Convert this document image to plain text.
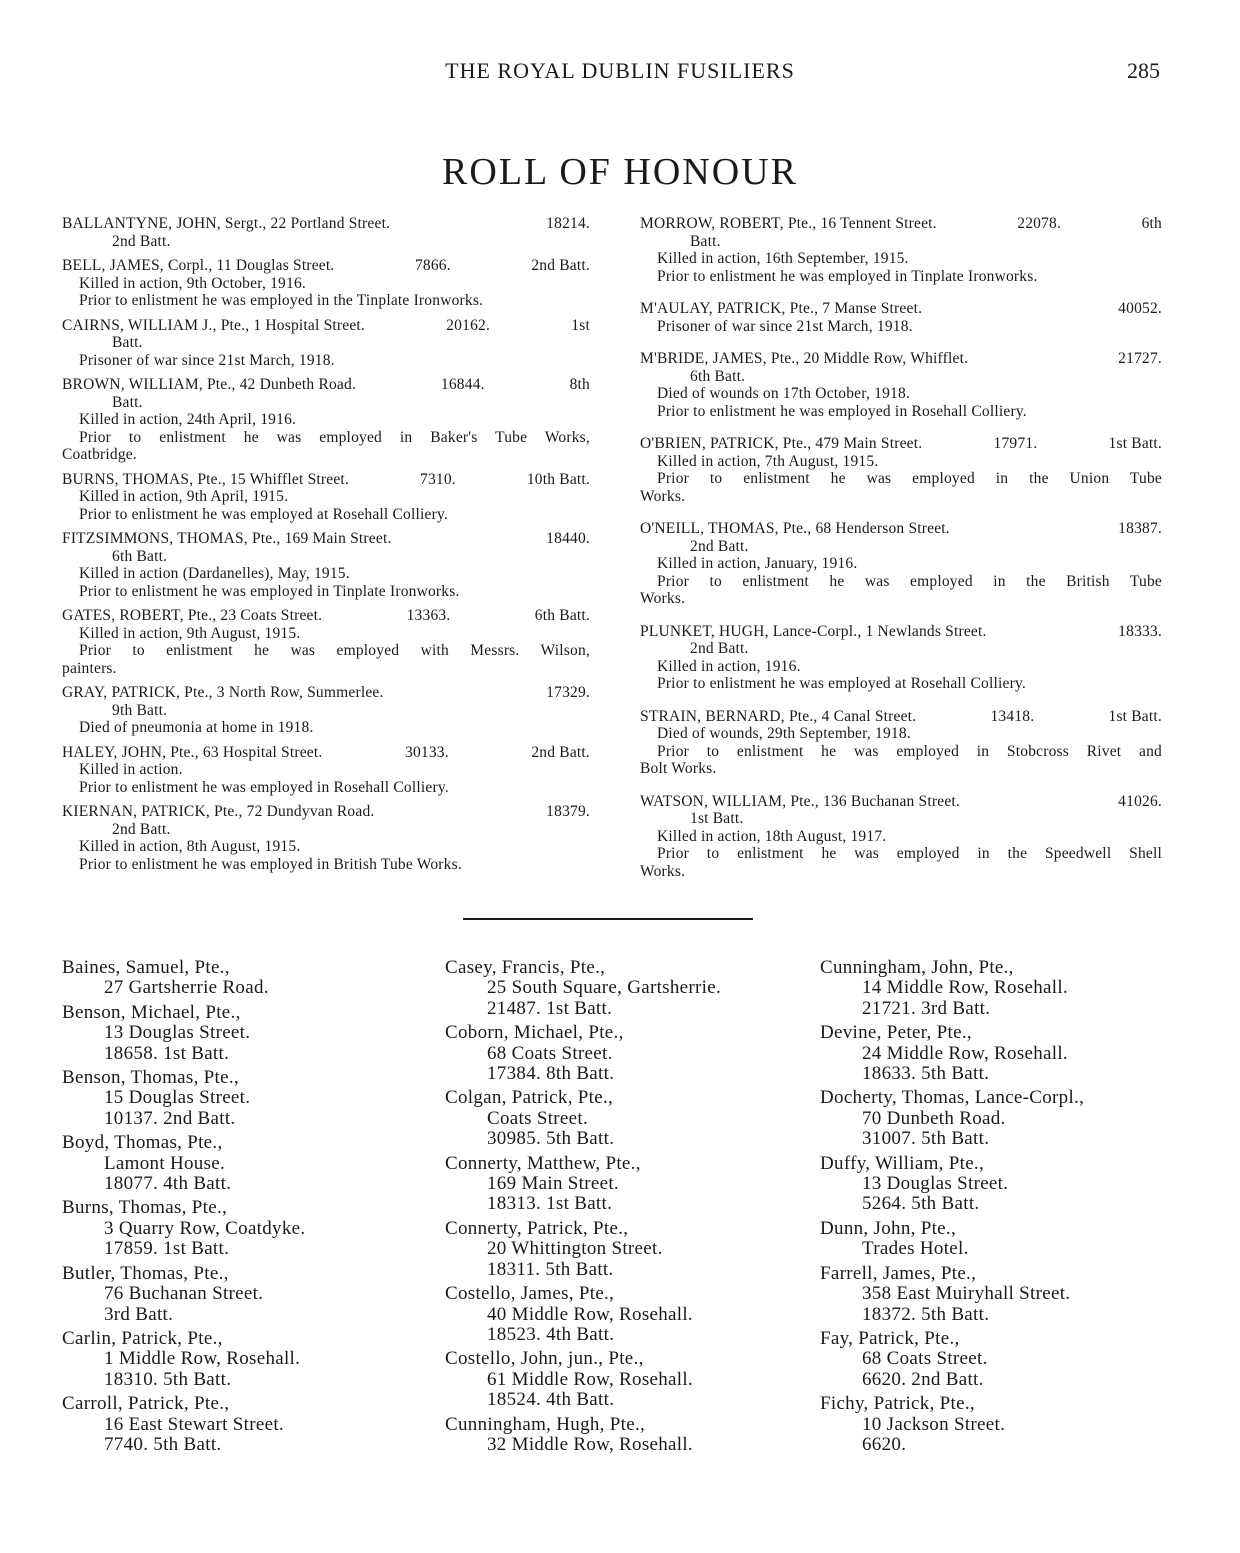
THE ROYAL DUBLIN FUSILIERS	285
ROLL OF HONOUR
BALLANTYNE, JOHN, Sergt., 22 Portland Street.	18214.
2nd Batt.
BELL, JAMES, Corpl., 11 Douglas Street.	7866.	2nd Batt.
Killed in action, 9th October, 1916.
Prior to enlistment he was employed in the Tinplate Ironworks.
CAIRNS, WILLIAM J., Pte., 1 Hospital Street.	20162.	1st
Batt.
Prisoner of war since 21st March, 1918.
BROWN, WILLIAM, Pte., 42 Dunbeth Road.	16844.	8th
Batt.
Killed in action, 24th April, 1916.
Prior to enlistment he was employed in Baker's Tube Works,
Coatbridge.
BURNS, THOMAS, Pte., 15 Whifflet Street.	7310.	10th Batt.
Killed in action, 9th April, 1915.
Prior to enlistment he was employed at Rosehall Colliery.
FITZSIMMONS, THOMAS, Pte., 169 Main Street.	18440.
6th Batt.
Killed in action (Dardanelles), May, 1915.
Prior to enlistment he was employed in Tinplate Ironworks.
GATES, ROBERT, Pte., 23 Coats Street.	13363.	6th Batt.
Killed in action, 9th August, 1915.
Prior to enlistment he was employed with Messrs. Wilson,
painters.
GRAY, PATRICK, Pte., 3 North Row, Summerlee.	17329.
9th Batt.
Died of pneumonia at home in 1918.
HALEY, JOHN, Pte., 63 Hospital Street.	30133.	2nd Batt.
Killed in action.
Prior to enlistment he was employed in Rosehall Colliery.
KIERNAN, PATRICK, Pte., 72 Dundyvan Road.	18379.
2nd Batt.
Killed in action, 8th August, 1915.
Prior to enlistment he was employed in British Tube Works.
MORROW, ROBERT, Pte., 16 Tennent Street.	22078.	6th
Batt.
Killed in action, 16th September, 1915.
Prior to enlistment he was employed in Tinplate Ironworks.
M'AULAY, PATRICK, Pte., 7 Manse Street.	40052.
Prisoner of war since 21st March, 1918.
M'BRIDE, JAMES, Pte., 20 Middle Row, Whifflet.	21727.
6th Batt.
Died of wounds on 17th October, 1918.
Prior to enlistment he was employed in Rosehall Colliery.
O'BRIEN, PATRICK, Pte., 479 Main Street.	17971.	1st Batt.
Killed in action, 7th August, 1915.
Prior to enlistment he was employed in the Union Tube
Works.
O'NEILL, THOMAS, Pte., 68 Henderson Street.	18387.
2nd Batt.
Killed in action, January, 1916.
Prior to enlistment he was employed in the British Tube
Works.
PLUNKET, HUGH, Lance-Corpl., 1 Newlands Street.	18333.
2nd Batt.
Killed in action, 1916.
Prior to enlistment he was employed at Rosehall Colliery.
STRAIN, BERNARD, Pte., 4 Canal Street.	13418.	1st Batt.
Died of wounds, 29th September, 1918.
Prior to enlistment he was employed in Stobcross Rivet and
Bolt Works.
WATSON, WILLIAM, Pte., 136 Buchanan Street.	41026.
1st Batt.
Killed in action, 18th August, 1917.
Prior to enlistment he was employed in the Speedwell Shell
Works.
Baines, Samuel, Pte.,
27 Gartsherrie Road.
Benson, Michael, Pte.,
13 Douglas Street.
18658. 1st Batt.
Benson, Thomas, Pte.,
15 Douglas Street.
10137. 2nd Batt.
Boyd, Thomas, Pte.,
Lamont House.
18077. 4th Batt.
Burns, Thomas, Pte.,
3 Quarry Row, Coatdyke.
17859. 1st Batt.
Butler, Thomas, Pte.,
76 Buchanan Street.
3rd Batt.
Carlin, Patrick, Pte.,
1 Middle Row, Rosehall.
18310. 5th Batt.
Carroll, Patrick, Pte.,
16 East Stewart Street.
7740. 5th Batt.
Casey, Francis, Pte.,
25 South Square, Gartsherrie.
21487. 1st Batt.
Coborn, Michael, Pte.,
68 Coats Street.
17384. 8th Batt.
Colgan, Patrick, Pte.,
Coats Street.
30985. 5th Batt.
Connerty, Matthew, Pte.,
169 Main Street.
18313. 1st Batt.
Connerty, Patrick, Pte.,
20 Whittington Street.
18311. 5th Batt.
Costello, James, Pte.,
40 Middle Row, Rosehall.
18523. 4th Batt.
Costello, John, jun., Pte.,
61 Middle Row, Rosehall.
18524. 4th Batt.
Cunningham, Hugh, Pte.,
32 Middle Row, Rosehall.
Cunningham, John, Pte.,
14 Middle Row, Rosehall.
21721. 3rd Batt.
Devine, Peter, Pte.,
24 Middle Row, Rosehall.
18633. 5th Batt.
Docherty, Thomas, Lance-Corpl.,
70 Dunbeth Road.
31007. 5th Batt.
Duffy, William, Pte.,
13 Douglas Street.
5264. 5th Batt.
Dunn, John, Pte.,
Trades Hotel.
Farrell, James, Pte.,
358 East Muiryhall Street.
18372. 5th Batt.
Fay, Patrick, Pte.,
68 Coats Street.
6620. 2nd Batt.
Fichy, Patrick, Pte.,
10 Jackson Street.
6620.
